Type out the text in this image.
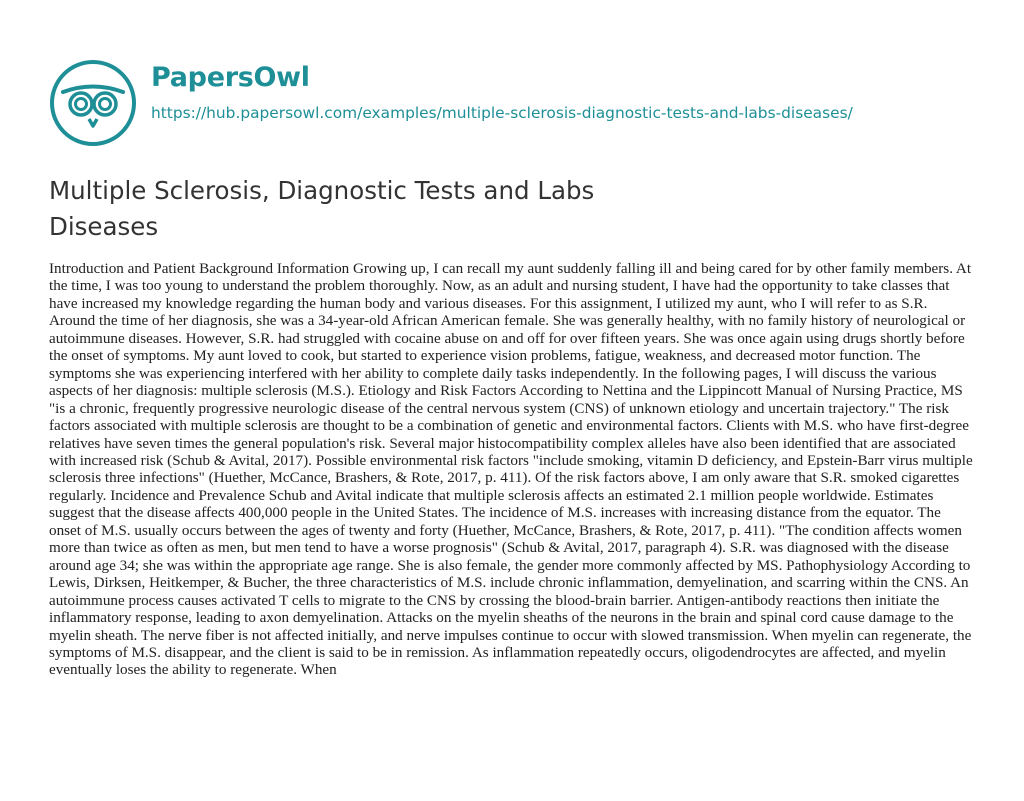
PapersOwl
https://hub.papersowl.com/examples/multiple-sclerosis-diagnostic-tests-and-labs-diseases/
Multiple Sclerosis, Diagnostic Tests and Labs Diseases

Introduction and Patient Background Information Growing up, I can recall my aunt suddenly falling ill and being cared for by other family members. At the time, I was too young to understand the problem thoroughly. Now, as an adult and nursing student, I have had the opportunity to take classes that have increased my knowledge regarding the human body and various diseases. For this assignment, I utilized my aunt, who I will refer to as S.R. Around the time of her diagnosis, she was a 34-year-old African American female. She was generally healthy, with no family history of neurological or autoimmune diseases. However, S.R. had struggled with cocaine abuse on and off for over fifteen years. She was once again using drugs shortly before the onset of symptoms. My aunt loved to cook, but started to experience vision problems, fatigue, weakness, and decreased motor function. The symptoms she was experiencing interfered with her ability to complete daily tasks independently. In the following pages, I will discuss the various aspects of her diagnosis: multiple sclerosis (M.S.). Etiology and Risk Factors According to Nettina and the Lippincott Manual of Nursing Practice, MS "is a chronic, frequently progressive neurologic disease of the central nervous system (CNS) of unknown etiology and uncertain trajectory." The risk factors associated with multiple sclerosis are thought to be a combination of genetic and environmental factors. Clients with M.S. who have first-degree relatives have seven times the general population's risk. Several major histocompatibility complex alleles have also been identified that are associated with increased risk (Schub & Avital, 2017). Possible environmental risk factors "include smoking, vitamin D deficiency, and Epstein-Barr virus multiple sclerosis three infections" (Huether, McCance, Brashers, & Rote, 2017, p. 411). Of the risk factors above, I am only aware that S.R. smoked cigarettes regularly. Incidence and Prevalence Schub and Avital indicate that multiple sclerosis affects an estimated 2.1 million people worldwide. Estimates suggest that the disease affects 400,000 people in the United States. The incidence of M.S. increases with increasing distance from the equator. The onset of M.S. usually occurs between the ages of twenty and forty (Huether, McCance, Brashers, & Rote, 2017, p. 411). "The condition affects women more than twice as often as men, but men tend to have a worse prognosis" (Schub & Avital, 2017, paragraph 4). S.R. was diagnosed with the disease around age 34; she was within the appropriate age range. She is also female, the gender more commonly affected by MS. Pathophysiology According to Lewis, Dirksen, Heitkemper, & Bucher, the three characteristics of M.S. include chronic inflammation, demyelination, and scarring within the CNS. An autoimmune process causes activated T cells to migrate to the CNS by crossing the blood-brain barrier. Antigen-antibody reactions then initiate the inflammatory response, leading to axon demyelination. Attacks on the myelin sheaths of the neurons in the brain and spinal cord cause damage to the myelin sheath. The nerve fiber is not affected initially, and nerve impulses continue to occur with slowed transmission. When myelin can regenerate, the symptoms of M.S. disappear, and the client is said to be in remission. As inflammation repeatedly occurs, oligodendrocytes are affected, and myelin eventually loses the ability to regenerate. When
